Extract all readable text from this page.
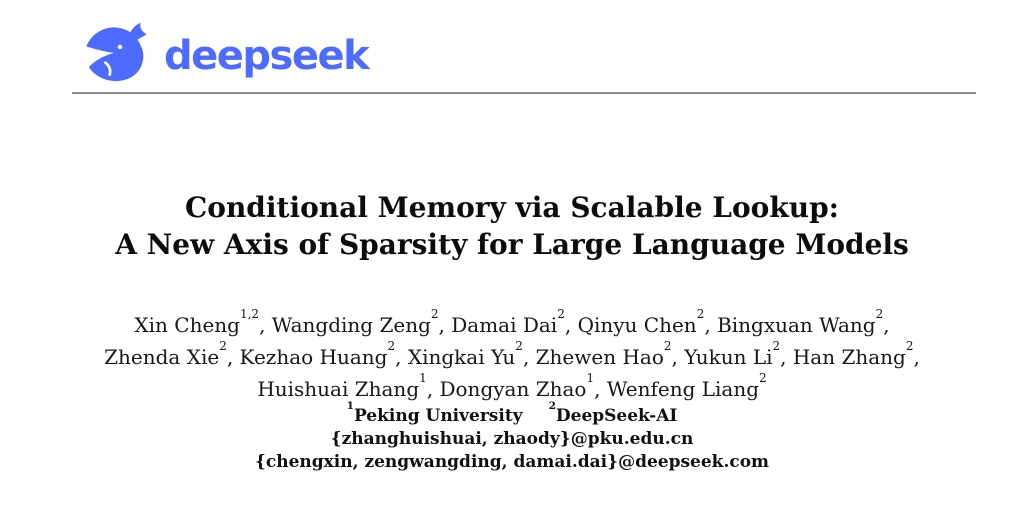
deepseek
Conditional Memory via Scalable Lookup:
A New Axis of Sparsity for Large Language Models
Xin Cheng$^{1,2}$, Wangding Zeng$^2$, Damai Dai$^2$, Qinyu Chen$^2$, Bingxuan Wang$^2$,
Zhenda Xie$^2$, Kezhao Huang$^2$, Xingkai Yu$^2$, Zhewen Hao$^2$, Yukun Li$^2$, Han Zhang$^2$,
Huishuai Zhang$^1$, Dongyan Zhao$^1$, Wenfeng Liang$^2$
$^1$Peking University $^2$DeepSeek-AI
{zhanghuishuai, zhaody}@pku.edu.cn
{chengxin, zengwangding, damai.dai}@deepseek.com
